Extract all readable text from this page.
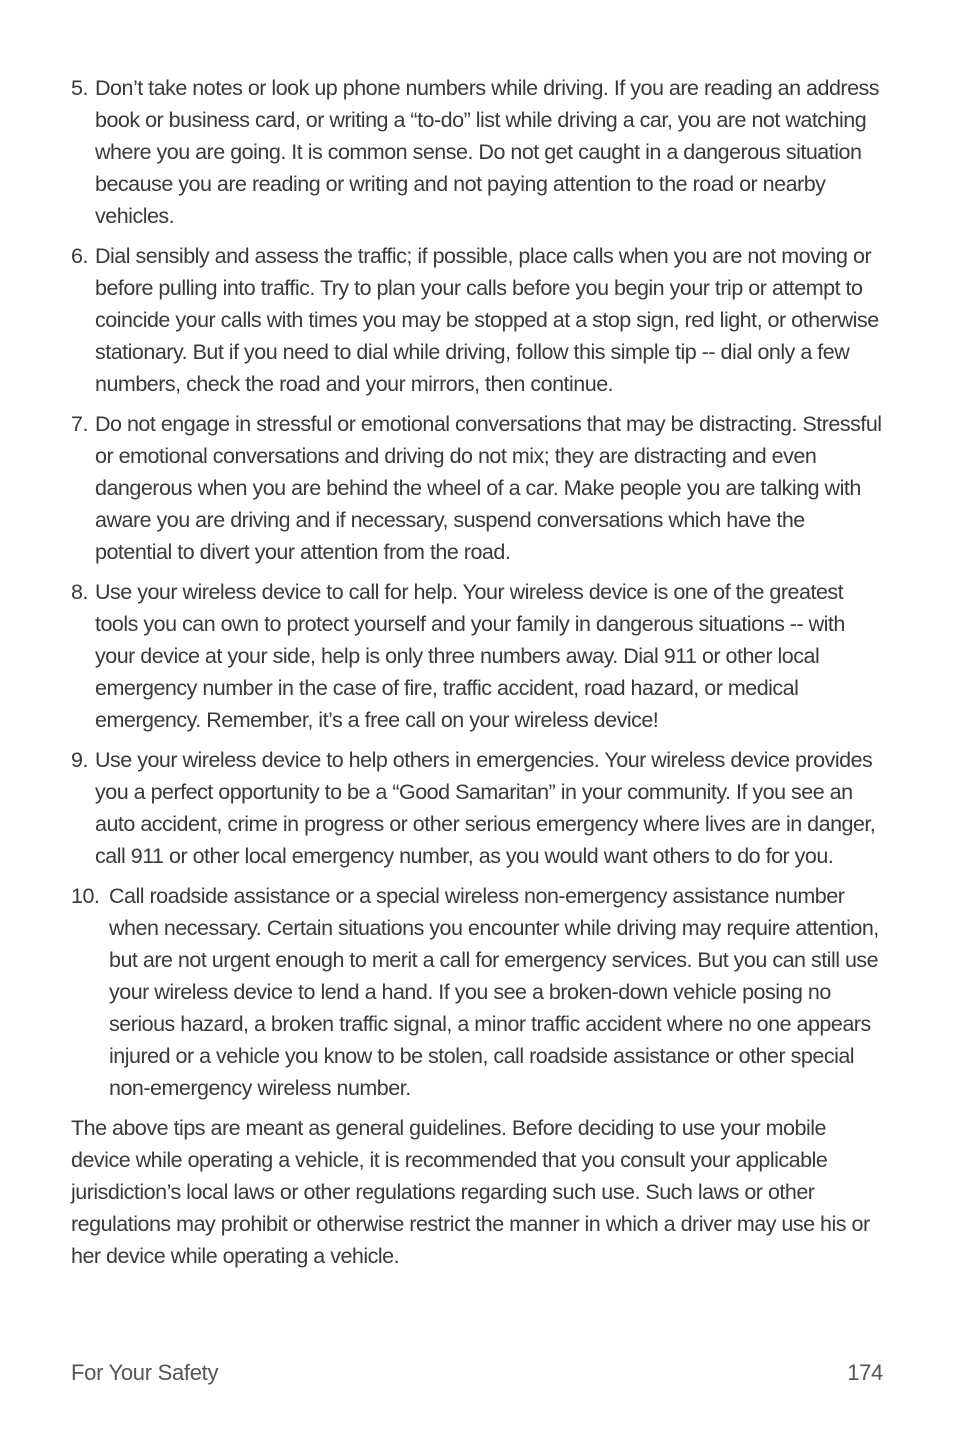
5. Don’t take notes or look up phone numbers while driving. If you are reading an address book or business card, or writing a “to-do” list while driving a car, you are not watching where you are going. It is common sense. Do not get caught in a dangerous situation because you are reading or writing and not paying attention to the road or nearby vehicles.
6. Dial sensibly and assess the traffic; if possible, place calls when you are not moving or before pulling into traffic. Try to plan your calls before you begin your trip or attempt to coincide your calls with times you may be stopped at a stop sign, red light, or otherwise stationary. But if you need to dial while driving, follow this simple tip -- dial only a few numbers, check the road and your mirrors, then continue.
7. Do not engage in stressful or emotional conversations that may be distracting. Stressful or emotional conversations and driving do not mix; they are distracting and even dangerous when you are behind the wheel of a car. Make people you are talking with aware you are driving and if necessary, suspend conversations which have the potential to divert your attention from the road.
8. Use your wireless device to call for help. Your wireless device is one of the greatest tools you can own to protect yourself and your family in dangerous situations -- with your device at your side, help is only three numbers away. Dial 911 or other local emergency number in the case of fire, traffic accident, road hazard, or medical emergency. Remember, it’s a free call on your wireless device!
9. Use your wireless device to help others in emergencies. Your wireless device provides you a perfect opportunity to be a “Good Samaritan” in your community. If you see an auto accident, crime in progress or other serious emergency where lives are in danger, call 911 or other local emergency number, as you would want others to do for you.
10. Call roadside assistance or a special wireless non-emergency assistance number when necessary. Certain situations you encounter while driving may require attention, but are not urgent enough to merit a call for emergency services. But you can still use your wireless device to lend a hand. If you see a broken-down vehicle posing no serious hazard, a broken traffic signal, a minor traffic accident where no one appears injured or a vehicle you know to be stolen, call roadside assistance or other special non-emergency wireless number.

The above tips are meant as general guidelines. Before deciding to use your mobile device while operating a vehicle, it is recommended that you consult your applicable jurisdiction’s local laws or other regulations regarding such use. Such laws or other regulations may prohibit or otherwise restrict the manner in which a driver may use his or her device while operating a vehicle.

For Your Safety	174
